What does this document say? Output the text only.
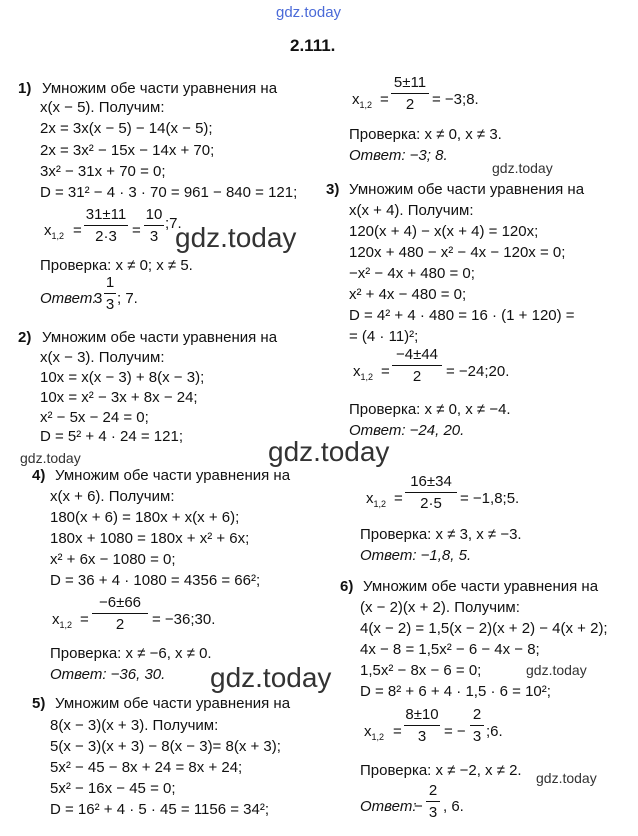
gdz.today
2.111.
1) Умножим обе части уравнения на
x(x − 5). Получим:
2x = 3x(x − 5) − 14(x − 5);
2x = 3x² − 15x − 14x + 70;
3x² − 31x + 70 = 0;
D = 31² − 4 · 3 · 70 = 961 − 840 = 121;
$x_{1,2}$ =
31±11
2·3	=
10
3
;7.
Проверка: x ≠ 0; x ≠ 5.
Ответ:
3
1
3 ; 7.
2) Умножим обе части уравнения на
x(x − 3). Получим:
10x = x(x − 3) + 8(x − 3);
10x = x² − 3x + 8x − 24;
x² − 5x − 24 = 0;
D = 5² + 4 · 24 = 121;
$x_{1,2}$ =
5±11
2	= −3;8.
Проверка: x ≠ 0, x ≠ 3.
Ответ: −3; 8.
3) Умножим обе части уравнения на
x(x + 4). Получим:
120(x + 4) − x(x + 4) = 120x;
120x + 480 − x² − 4x − 120x = 0;
−x² − 4x + 480 = 0;
x² + 4x − 480 = 0;
D = 4² + 4 · 480 = 16 · (1 + 120) =
= (4 · 11)²;
$x_{1,2}$ =
−4±44
2	= −24;20.
Проверка: x ≠ 0, x ≠ −4.
Ответ: −24, 20.
4) Умножим обе части уравнения на
x(x + 6). Получим:
180(x + 6) = 180x + x(x + 6);
180x + 1080 = 180x + x² + 6x;
x² + 6x − 1080 = 0;
D = 36 + 4 · 1080 = 4356 = 66²;
$x_{1,2}$ =
−6±66
2	= −36;30.
Проверка: x ≠ −6, x ≠ 0.
Ответ: −36, 30.
$x_{1,2}$ =
16±34
2·5	= −1,8;5.
Проверка: x ≠ 3, x ≠ −3.
Ответ: −1,8, 5.
5) Умножим обе части уравнения на
8(x − 3)(x + 3). Получим:
5(x − 3)(x + 3) − 8(x − 3)= 8(x + 3);
5x² − 45 − 8x + 24 = 8x + 24;
5x² − 16x − 45 = 0;
D = 16² + 4 · 5 · 45 = 1156 = 34²;
6) Умножим обе части уравнения на
(x − 2)(x + 2). Получим:
4(x − 2) = 1,5(x − 2)(x + 2) − 4(x + 2);
4x − 8 = 1,5x² − 6 − 4x − 8;
1,5x² − 8x − 6 = 0;
D = 8² + 6 + 4 · 1,5 · 6 = 10²;
$x_{1,2}$ =
8±10
3	= −
2
3 ;6.
Проверка: x ≠ −2, x ≠ 2.
Ответ:
−
2
3 , 6.
gdz.today
gdz.today
gdz.today
gdz.today
gdz.today
gdz.today
gdz.today
